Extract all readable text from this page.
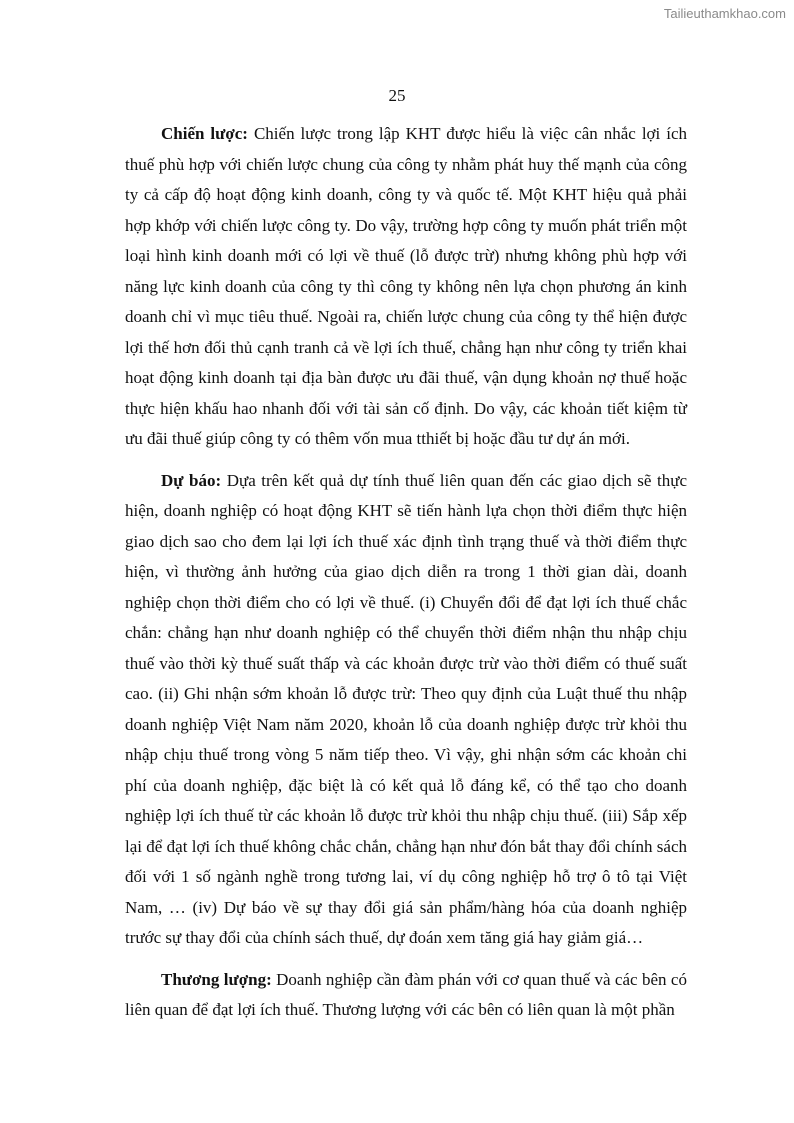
Tailieuthamkhao.com
25

Chiến lược: Chiến lược trong lập KHT được hiểu là việc cân nhắc lợi ích thuế phù hợp với chiến lược chung của công ty nhằm phát huy thế mạnh của công ty cả cấp độ hoạt động kinh doanh, công ty và quốc tế. Một KHT hiệu quả phải hợp khớp với chiến lược công ty. Do vậy, trường hợp công ty muốn phát triển một loại hình kinh doanh mới có lợi về thuế (lỗ được trừ) nhưng không phù hợp với năng lực kinh doanh của công ty thì công ty không nên lựa chọn phương án kinh doanh chỉ vì mục tiêu thuế. Ngoài ra, chiến lược chung của công ty thể hiện được lợi thế hơn đối thủ cạnh tranh cả về lợi ích thuế, chẳng hạn như công ty triển khai hoạt động kinh doanh tại địa bàn được ưu đãi thuế, vận dụng khoản nợ thuế hoặc thực hiện khấu hao nhanh đối với tài sản cố định. Do vậy, các khoản tiết kiệm từ ưu đãi thuế giúp công ty có thêm vốn mua tthiết bị hoặc đầu tư dự án mới.

Dự báo: Dựa trên kết quả dự tính thuế liên quan đến các giao dịch sẽ thực hiện, doanh nghiệp có hoạt động KHT sẽ tiến hành lựa chọn thời điểm thực hiện giao dịch sao cho đem lại lợi ích thuế xác định tình trạng thuế và thời điểm thực hiện, vì thường ảnh hưởng của giao dịch diễn ra trong 1 thời gian dài, doanh nghiệp chọn thời điểm cho có lợi về thuế. (i) Chuyển đổi để đạt lợi ích thuế chắc chắn: chẳng hạn như doanh nghiệp có thể chuyển thời điểm nhận thu nhập chịu thuế vào thời kỳ thuế suất thấp và các khoản được trừ vào thời điểm có thuế suất cao. (ii) Ghi nhận sớm khoản lỗ được trừ: Theo quy định của Luật thuế thu nhập doanh nghiệp Việt Nam năm 2020, khoản lỗ của doanh nghiệp được trừ khỏi thu nhập chịu thuế trong vòng 5 năm tiếp theo. Vì vậy, ghi nhận sớm các khoản chi phí của doanh nghiệp, đặc biệt là có kết quả lỗ đáng kể, có thể tạo cho doanh nghiệp lợi ích thuế từ các khoản lỗ được trừ khỏi thu nhập chịu thuế. (iii) Sắp xếp lại để đạt lợi ích thuế không chắc chắn, chẳng hạn như đón bắt thay đổi chính sách đối với 1 số ngành nghề trong tương lai, ví dụ công nghiệp hỗ trợ ô tô tại Việt Nam, … (iv) Dự báo về sự thay đổi giá sản phẩm/hàng hóa của doanh nghiệp trước sự thay đổi của chính sách thuế, dự đoán xem tăng giá hay giảm giá…

Thương lượng: Doanh nghiệp cần đàm phán với cơ quan thuế và các bên có liên quan để đạt lợi ích thuế. Thương lượng với các bên có liên quan là một phần
